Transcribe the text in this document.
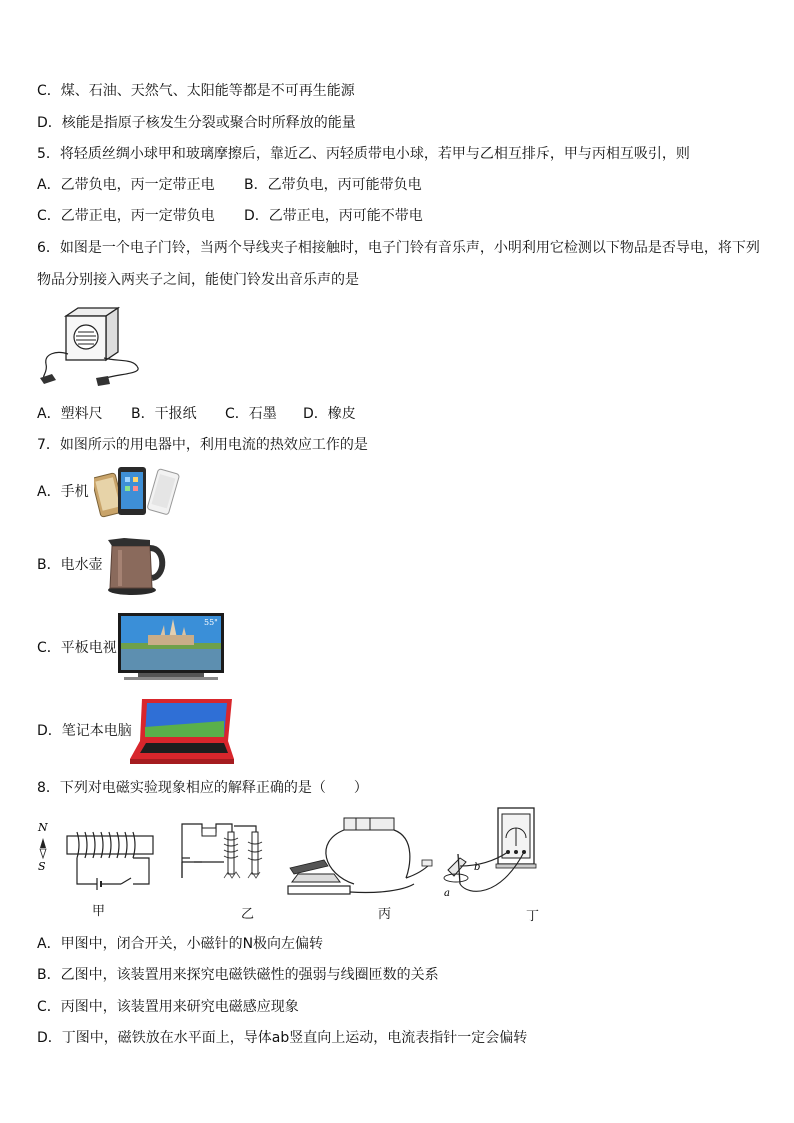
C．煤、石油、天然气、太阳能等都是不可再生能源
D．核能是指原子核发生分裂或聚合时所释放的能量
5．将轻质丝绸小球甲和玻璃摩擦后，靠近乙、丙轻质带电小球，若甲与乙相互排斥，甲与丙相互吸引，则
A．乙带负电，丙一定带正电 B．乙带负电，丙可能带负电
C．乙带正电，丙一定带负电 D．乙带正电，丙可能不带电
6．如图是一个电子门铃，当两个导线夹子相接触时，电子门铃有音乐声，小明利用它检测以下物品是否导电，将下列
物品分别接入两夹子之间，能使门铃发出音乐声的是
A．塑料尺 B．干报纸 C．石墨 D．橡皮
7．如图所示的用电器中，利用电流的热效应工作的是
A．手机
B．电水壶
C．平板电视
55"
D．笔记本电脑
8．下列对电磁实验现象相应的解释正确的是（　　）
N
S	b
a
甲	乙	丙	丁
A．甲图中，闭合开关，小磁针的N极向左偏转
B．乙图中，该装置用来探究电磁铁磁性的强弱与线圈匝数的关系
C．丙图中，该装置用来研究电磁感应现象
D．丁图中，磁铁放在水平面上，导体ab竖直向上运动，电流表指针一定会偏转
